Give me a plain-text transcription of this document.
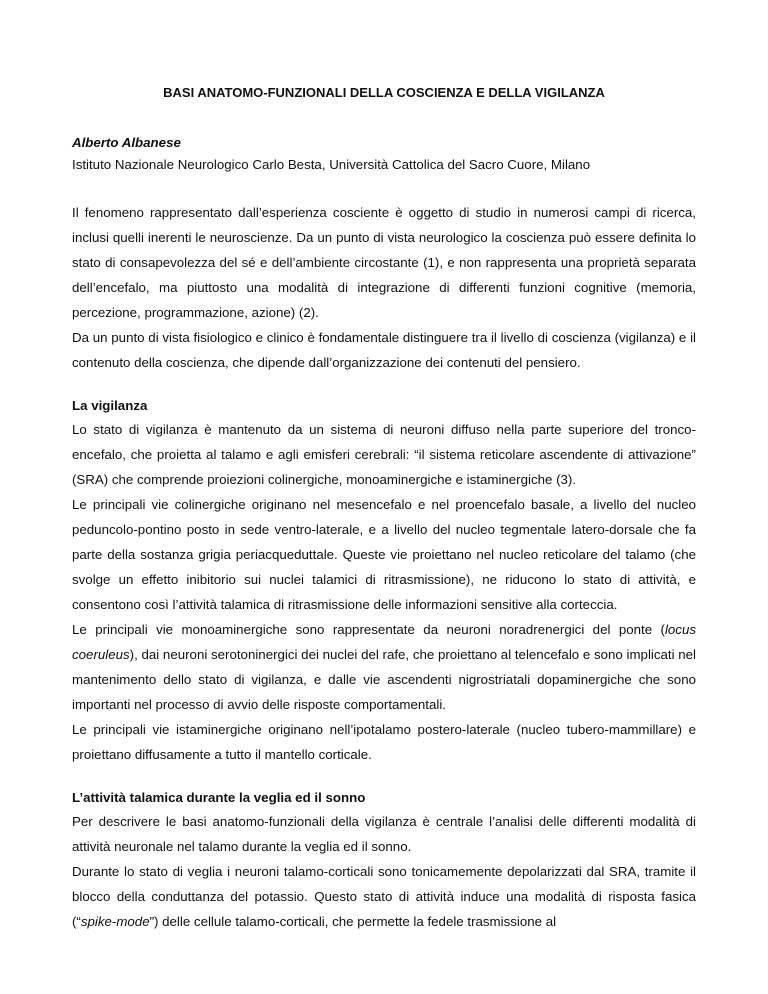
BASI ANATOMO-FUNZIONALI DELLA COSCIENZA E DELLA VIGILANZA

Alberto Albanese

Istituto Nazionale Neurologico Carlo Besta, Università Cattolica del Sacro Cuore, Milano

Il fenomeno rappresentato dall’esperienza cosciente è oggetto di studio in numerosi campi di ricerca, inclusi quelli inerenti le neuroscienze. Da un punto di vista neurologico la coscienza può essere definita lo stato di consapevolezza del sé e dell’ambiente circostante (1), e non rappresenta una proprietà separata dell’encefalo, ma piuttosto una modalità di integrazione di differenti funzioni cognitive (memoria, percezione, programmazione, azione) (2).

Da un punto di vista fisiologico e clinico è fondamentale distinguere tra il livello di coscienza (vigilanza) e il contenuto della coscienza, che dipende dall’organizzazione dei contenuti del pensiero.

La vigilanza

Lo stato di vigilanza è mantenuto da un sistema di neuroni diffuso nella parte superiore del tronco-encefalo, che proietta al talamo e agli emisferi cerebrali: “il sistema reticolare ascendente di attivazione” (SRA) che comprende proiezioni colinergiche, monoaminergiche e istaminergiche (3).

Le principali vie colinergiche originano nel mesencefalo e nel proencefalo basale, a livello del nucleo peduncolo-pontino posto in sede ventro-laterale, e a livello del nucleo tegmentale latero-dorsale che fa parte della sostanza grigia periacqueduttale. Queste vie proiettano nel nucleo reticolare del talamo (che svolge un effetto inibitorio sui nuclei talamici di ritrasmissione), ne riducono lo stato di attività, e consentono così l’attività talamica di ritrasmissione delle informazioni sensitive alla corteccia.

Le principali vie monoaminergiche sono rappresentate da neuroni noradrenergici del ponte (locus coeruleus), dai neuroni serotoninergici dei nuclei del rafe, che proiettano al telencefalo e sono implicati nel mantenimento dello stato di vigilanza, e dalle vie ascendenti nigrostriatali dopaminergiche che sono importanti nel processo di avvio delle risposte comportamentali.

Le principali vie istaminergiche originano nell’ipotalamo postero-laterale (nucleo tubero-mammillare) e proiettano diffusamente a tutto il mantello corticale.

L’attività talamica durante la veglia ed il sonno

Per descrivere le basi anatomo-funzionali della vigilanza è centrale l’analisi delle differenti modalità di attività neuronale nel talamo durante la veglia ed il sonno.

Durante lo stato di veglia i neuroni talamo-corticali sono tonicamemente depolarizzati dal SRA, tramite il blocco della conduttanza del potassio. Questo stato di attività induce una modalità di risposta fasica (“spike-mode”) delle cellule talamo-corticali, che permette la fedele trasmissione al
